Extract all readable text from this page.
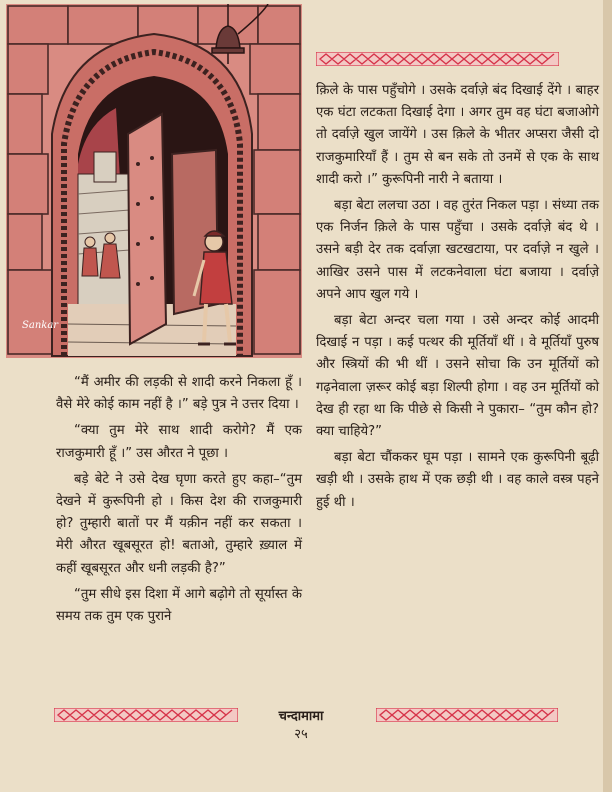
Sankar

क़िले के पास पहुँचोगे । उसके दर्वाज़े बंद दिखाई देंगे । बाहर एक घंटा लटकता दिखाई देगा । अगर तुम वह घंटा बजाओगे तो दर्वाज़े खुल जायेंगे । उस क़िले के भीतर अप्सरा जैसी दो राजकुमारियाँ हैं । तुम से बन सके तो उनमें से एक के साथ शादी करो ।” कुरूपिनी नारी ने बताया ।

बड़ा बेटा ललचा उठा । वह तुरंत निकल पड़ा । संध्या तक एक निर्जन क़िले के पास पहुँचा । उसके दर्वाज़े बंद थे । उसने बड़ी देर तक दर्वाज़ा खटखटाया, पर दर्वाज़े न खुले । आखिर उसने पास में लटकनेवाला घंटा बजाया । दर्वाज़े अपने आप खुल गये ।

बड़ा बेटा अन्दर चला गया । उसे अन्दर कोई आदमी दिखाई न पड़ा । कई पत्थर की मूर्तियाँ थीं । वे मूर्तियाँ पुरुष और स्त्रियों की भी थीं । उसने सोचा कि उन मूर्तियों को गढ़नेवाला ज़रूर कोई बड़ा शिल्पी होगा । वह उन मूर्तियों को देख ही रहा था कि पीछे से किसी ने पुकारा– “तुम कौन हो? क्या चाहिये?”

बड़ा बेटा चौंककर घूम पड़ा । सामने एक कुरूपिनी बूढ़ी खड़ी थी । उसके हाथ में एक छड़ी थी । वह काले वस्त्र पहने हुई थी ।

“मैं अमीर की लड़की से शादी करने निकला हूँ । वैसे मेरे कोई काम नहीं है ।” बड़े पुत्र ने उत्तर दिया ।

“क्या तुम मेरे साथ शादी करोगे? मैं एक राजकुमारी हूँ ।” उस औरत ने पूछा ।

बड़े बेटे ने उसे देख घृणा करते हुए कहा–“तुम देखने में कुरूपिनी हो । किस देश की राजकुमारी हो? तुम्हारी बातों पर मैं यक़ीन नहीं कर सकता । मेरी औरत खूबसूरत हो! बताओ, तुम्हारे ख़्याल में कहीं खूबसूरत और धनी लड़की है?”

“तुम सीधे इस दिशा में आगे बढ़ोगे तो सूर्यास्त के समय तक तुम एक पुराने

चन्दामामा
२५
